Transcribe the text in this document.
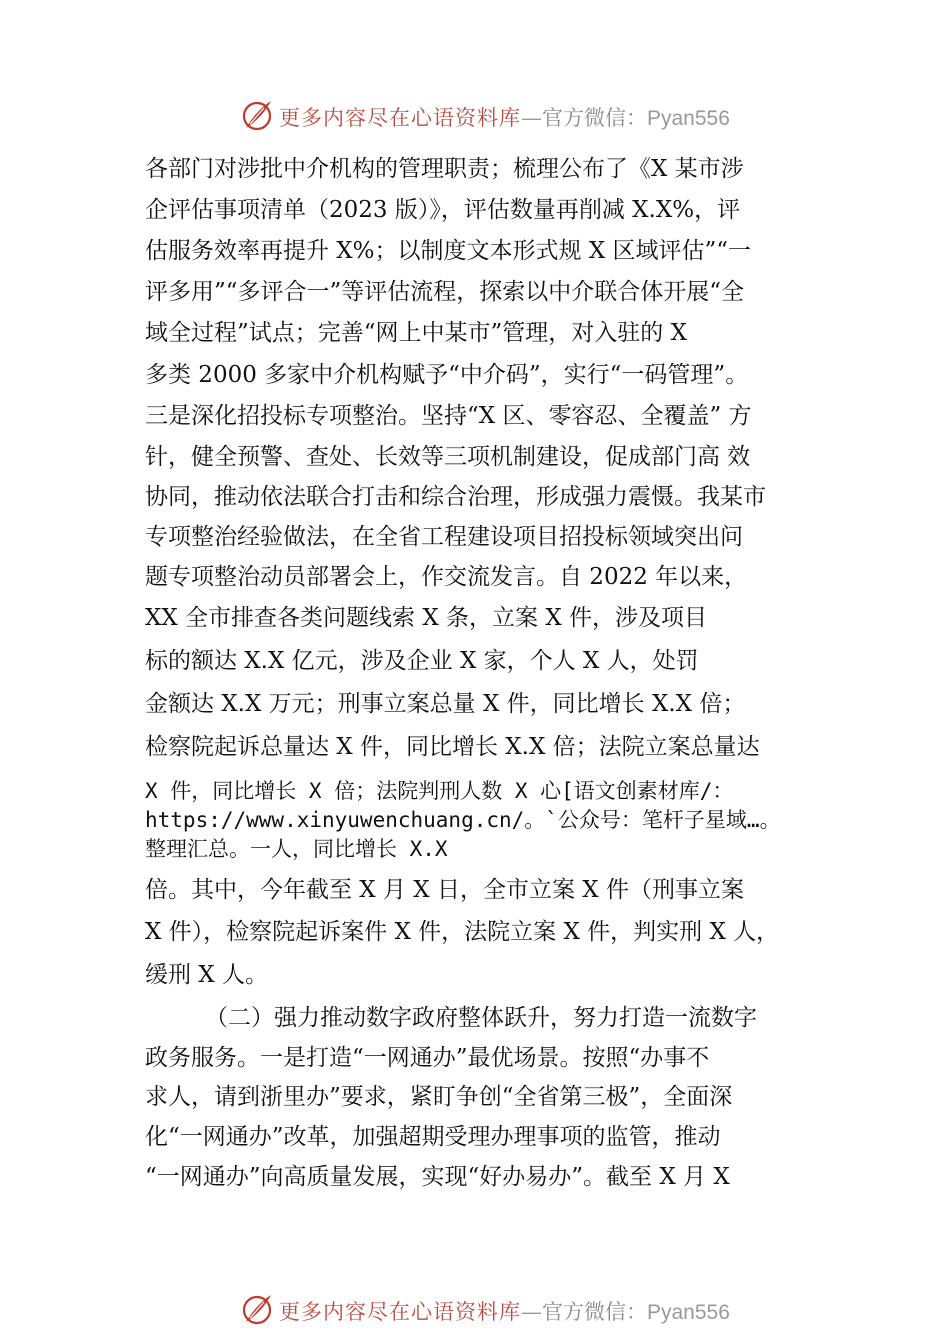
更多内容尽在心语资料库—官方微信：Pyan556
各部门对涉批中介机构的管理职责；梳理公布了《X 某市涉
企评估事项清单（2023 版）》，评估数量再削减 X.X%，评
估服务效率再提升 X%；以制度文本形式规 X 区域评估”“一
评多用”“多评合一”等评估流程，探索以中介联合体开展“全
域全过程”试点；完善“网上中某市”管理，对入驻的 X
多类 2000 多家中介机构赋予“中介码”，实行“一码管理”。
三是深化招投标专项整治。坚持“X 区、零容忍、全覆盖” 方
针，健全预警、查处、长效等三项机制建设，促成部门高 效
协同，推动依法联合打击和综合治理，形成强力震慑。我某市
专项整治经验做法，在全省工程建设项目招投标领域突出问
题专项整治动员部署会上，作交流发言。自 2022 年以来，
XX 全市排查各类问题线索 X 条，立案 X 件，涉及项目
标的额达 X.X 亿元，涉及企业 X 家，个人 X 人，处罚
金额达 X.X 万元；刑事立案总量 X 件，同比增长 X.X 倍；
检察院起诉总量达 X 件，同比增长 X.X 倍；法院立案总量达
X 件，同比增长 X 倍；法院判刑人数 X 心[语文创素材库/：
https://www.xinyuwenchuang.cn/。`公众号：笔杆子星域…。
整理汇总。一人，同比增长 X.X
倍。其中，今年截至 X 月 X 日，全市立案 X 件（刑事立案
X 件），检察院起诉案件 X 件，法院立案 X 件，判实刑 X 人，
缓刑 X 人。
（二）强力推动数字政府整体跃升，努力打造一流数字
政务服务。一是打造“一网通办”最优场景。按照“办事不
求人，请到浙里办”要求，紧盯争创“全省第三极”，全面深
化“一网通办”改革，加强超期受理办理事项的监管，推动
“一网通办”向高质量发展，实现“好办易办”。截至 X 月 X
更多内容尽在心语资料库—官方微信：Pyan556
